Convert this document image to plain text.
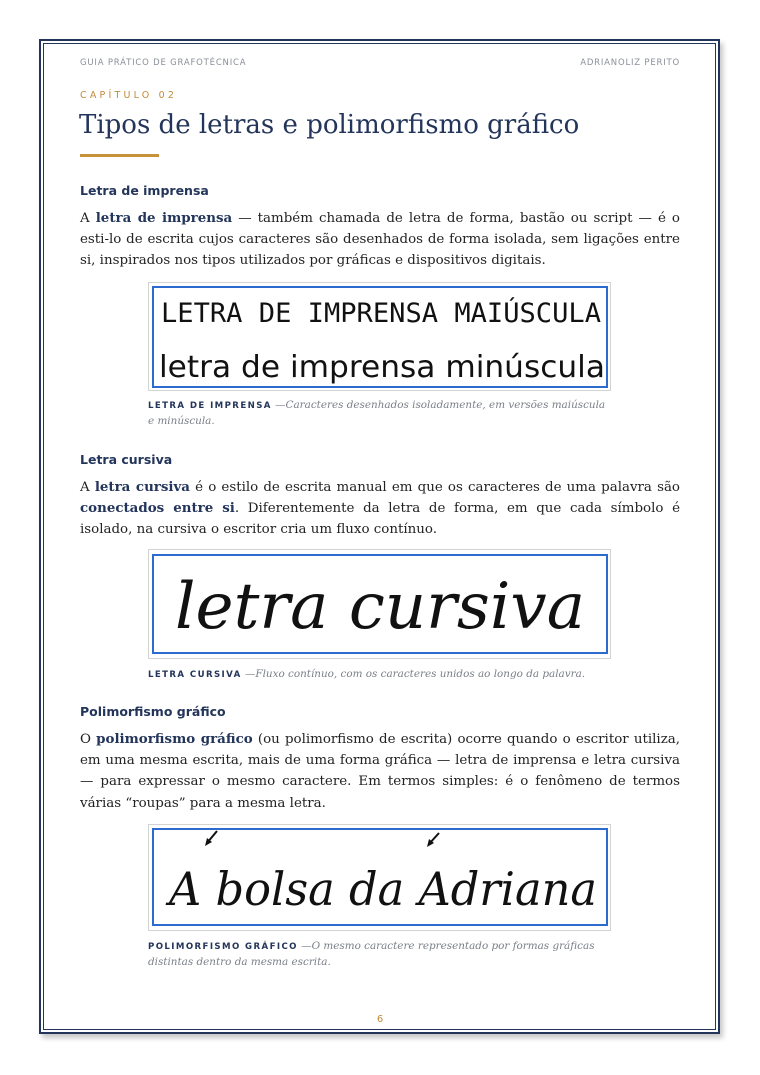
GUIA PRÁTICO DE GRAFOTÉCNICA	ADRIANOLIZ PERITO
CAPÍTULO 02
Tipos de letras e polimorfismo gráfico
Letra de imprensa

A letra de imprensa — também chamada de letra de forma, bastão ou script — é o esti-lo de escrita cujos caracteres são desenhados de forma isolada, sem ligações entre si, inspirados nos tipos utilizados por gráficas e dispositivos digitais.

LETRA DE IMPRENSA MAIÚSCULA
letra de imprensa minúscula

LETRA DE IMPRENSA —Caracteres desenhados isoladamente, em versões maiúscula e minúscula.

Letra cursiva

A letra cursiva é o estilo de escrita manual em que os caracteres de uma palavra são conectados entre si. Diferentemente da letra de forma, em que cada símbolo é isolado, na cursiva o escritor cria um fluxo contínuo.

letra cursiva

LETRA CURSIVA —Fluxo contínuo, com os caracteres unidos ao longo da palavra.

Polimorfismo gráfico

O polimorfismo gráfico (ou polimorfismo de escrita) ocorre quando o escritor utiliza, em uma mesma escrita, mais de uma forma gráfica — letra de imprensa e letra cursiva — para expressar o mesmo caractere. Em termos simples: é o fenômeno de termos várias “roupas” para a mesma letra.

A bolsa da Adriana

POLIMORFISMO GRÁFICO —O mesmo caractere representado por formas gráficas distintas dentro da mesma escrita.

6
